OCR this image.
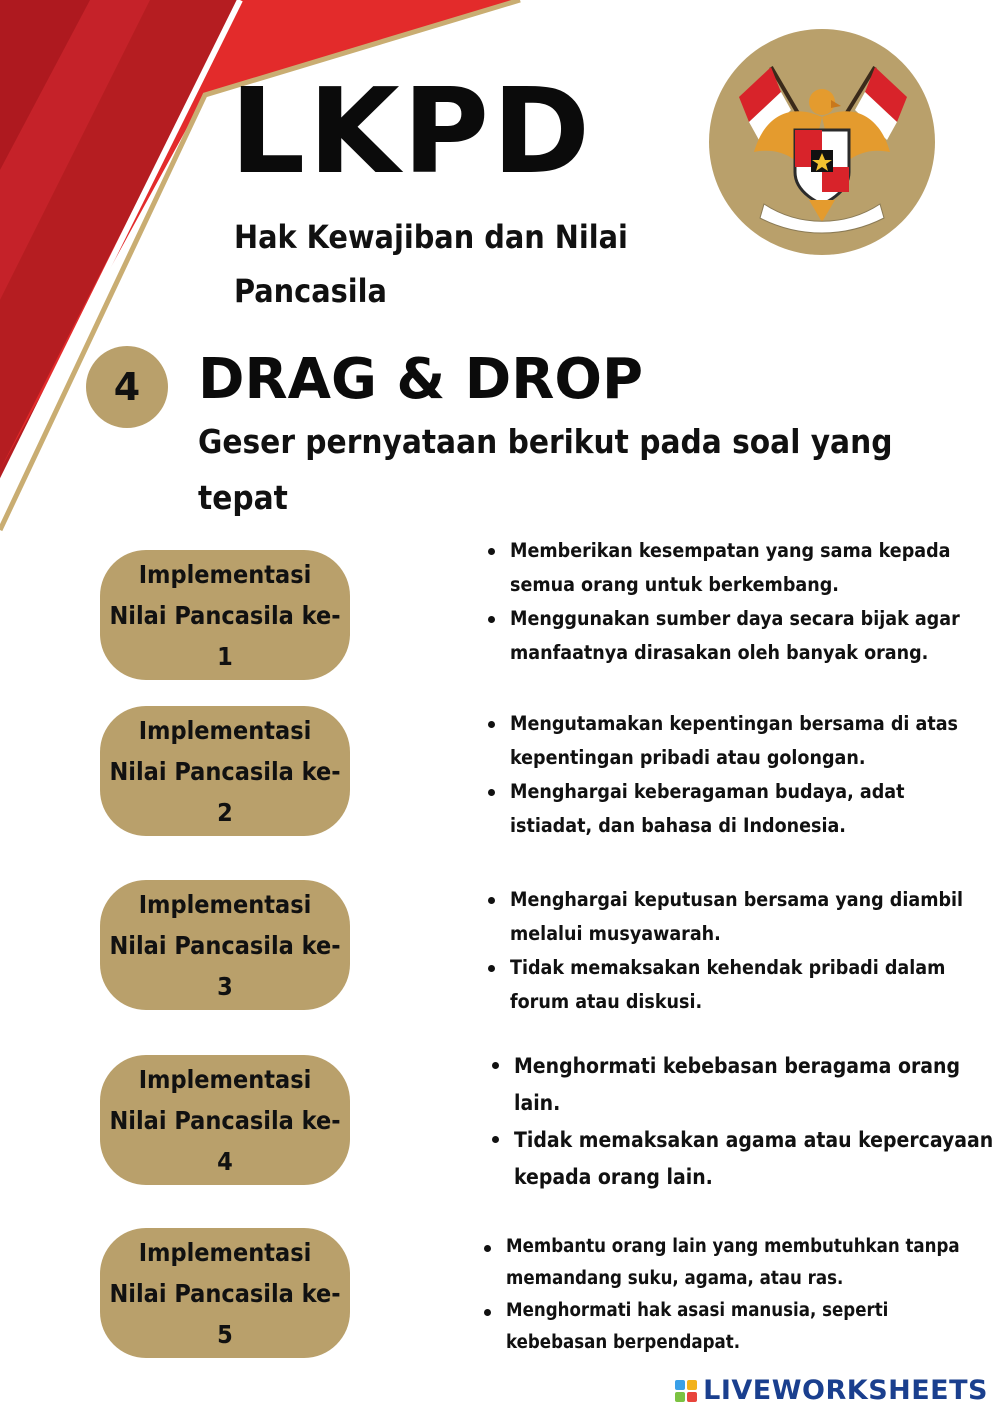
LKPD
Hak Kewajiban dan Nilai Pancasila
4	DRAG & DROP
Geser pernyataan berikut pada soal yang tepat
Implementasi Nilai Pancasila ke-1
Memberikan kesempatan yang sama kepada semua orang untuk berkembang.
Menggunakan sumber daya secara bijak agar manfaatnya dirasakan oleh banyak orang.
Implementasi Nilai Pancasila ke-2
Mengutamakan kepentingan bersama di atas kepentingan pribadi atau golongan.
Menghargai keberagaman budaya, adat istiadat, dan bahasa di Indonesia.
Implementasi Nilai Pancasila ke-3
Menghargai keputusan bersama yang diambil melalui musyawarah.
Tidak memaksakan kehendak pribadi dalam forum atau diskusi.
Implementasi Nilai Pancasila ke-4
Menghormati kebebasan beragama orang lain.
Tidak memaksakan agama atau kepercayaan kepada orang lain.
Implementasi Nilai Pancasila ke-5
Membantu orang lain yang membutuhkan tanpa memandang suku, agama, atau ras.
Menghormati hak asasi manusia, seperti kebebasan berpendapat.
LIVEWORKSHEETS
